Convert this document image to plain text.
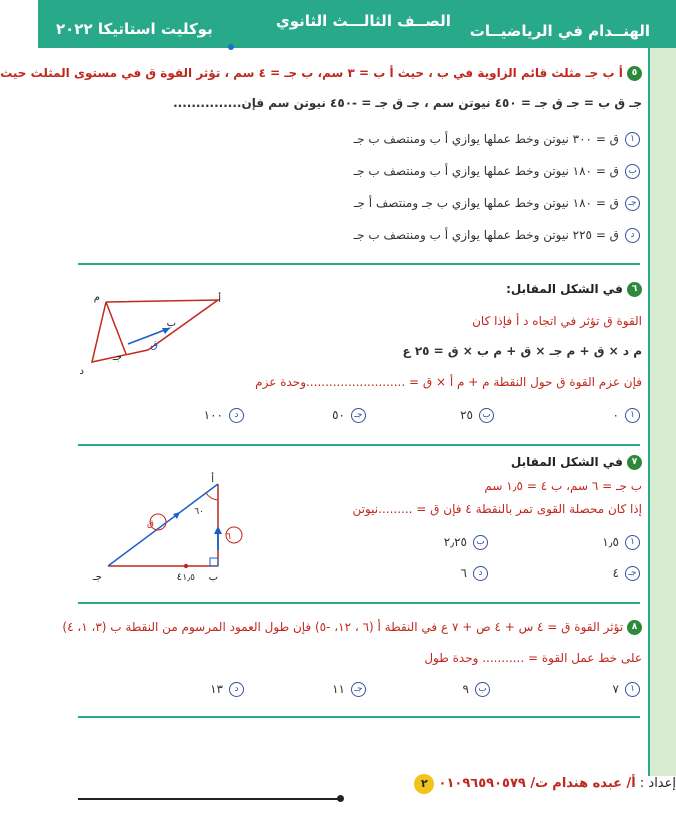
الهنــدام في الرياضيــات
الصــف الثالـــث الثانوي
بوكليت استاتيكا ٢٠٢٢
٥ أ ب جـ مثلث قائم الزاوية في ب ، حيث أ ب = ٣ سم، ب جـ = ٤ سم ، تؤثر القوة ق في مستوى المثلث حيث
جـ ق ب = جـ ق جـ = ٤٥٠ نيوتن سم ، جـ ق جـ = -٤٥٠ نيوتن سم فإن...............
١ق = ٣٠٠ نيوتن وخط عملها يوازي أ ب ومنتصف ب جـ
بق = ١٨٠ نيوتن وخط عملها يوازي أ ب ومنتصف ب جـ
جـق = ١٨٠ نيوتن وخط عملها يوازي ب جـ ومنتصف أ جـ
دق = ٢٢٥ نيوتن وخط عملها يوازي أ ب ومنتصف ب جـ
٦ في الشكل المقابل:
القوة ق تؤثر في اتجاه د أ فإذا كان
م د × ق + م جـ × ق + م ب × ق = ٢٥ ع
فإن عزم القوة ق حول النقطة م + م أ × ق = ..........................وحدة عزم
١٠
ب٢٥
جـ٥٠
د١٠٠
م	أ
ب
جـ
د
ق
٧ في الشكل المقابل
ب جـ = ٦ سم، ب ٤ = ١٫٥ سم
إذا كان محصلة القوى تمر بالنقطة ٤ فإن ق = .........نيوتن
١١٫٥
ب٢٫٢٥
جـ٤
د٦
أ
ب
جـ	٤ ١٫٥
٦٠
ق
٦
٨ تؤثر القوة ق = ٤ س + ٤ ص + ٧ ع في النقطة أ (٦ ، ١٢، -٥) فإن طول العمود المرسوم من النقطة ب (٣، ١، ٤)
على خط عمل القوة = ........... وحدة طول
١٧
ب٩
جـ١١
د١٣
إعداد : أ/ عبده هندام ت/ ٠١٠٩٦٥٩٠٥٧٩ ٢
